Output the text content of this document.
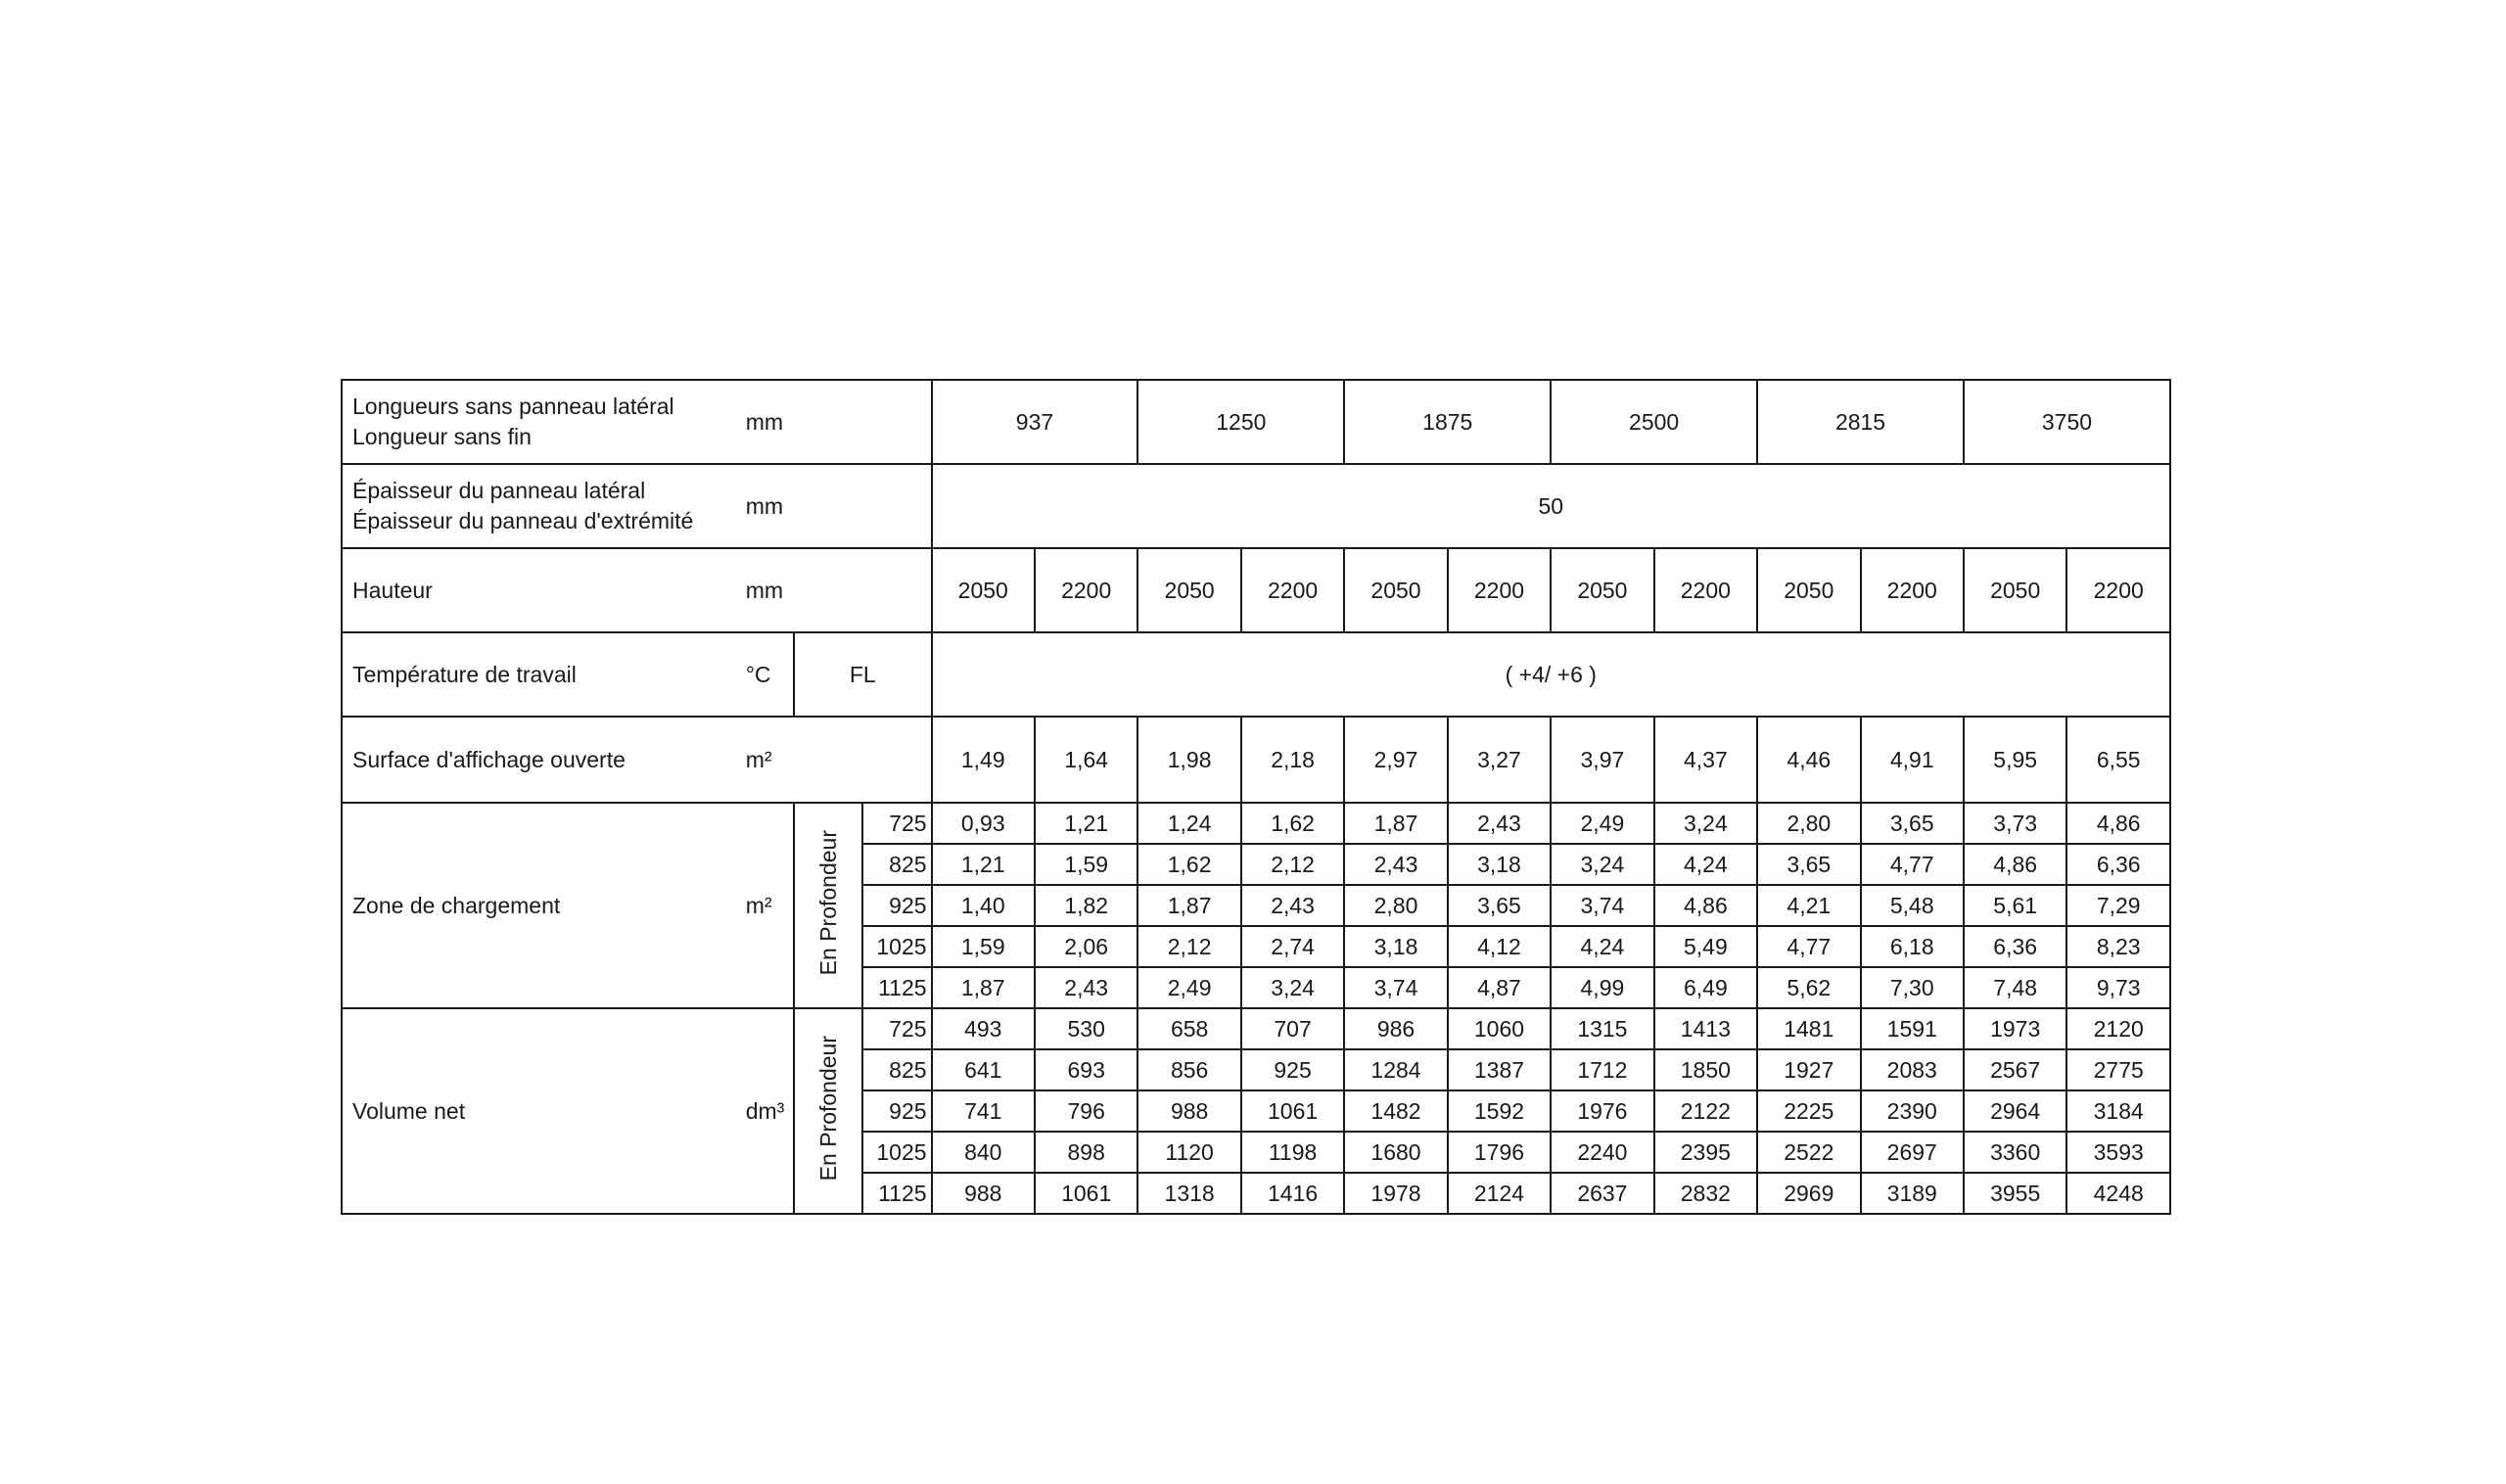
Longueurs sans panneau latéral
Longueur sans fin	mm			937		1250		1875		2500		2815		3750	

Épaisseur du panneau latéral
Épaisseur du panneau d'extrémité	mm			50											
Hauteur	mm			2050	2200	2050	2200	2050	2200	2050	2200	2050	2200	2050	2200
Température de travail	°C	FL		( +4/ +6 )											
Surface d'affichage ouverte	m²			1,49	1,64	1,98	2,18	2,97	3,27	3,97	4,37	4,46	4,91	5,95	6,55
Zone de chargement	m²	En Profondeur	725	0,93	1,21	1,24	1,62	1,87	2,43	2,49	3,24	2,80	3,65	3,73	4,86
			825	1,21	1,59	1,62	2,12	2,43	3,18	3,24	4,24	3,65	4,77	4,86	6,36
			925	1,40	1,82	1,87	2,43	2,80	3,65	3,74	4,86	4,21	5,48	5,61	7,29
			1025	1,59	2,06	2,12	2,74	3,18	4,12	4,24	5,49	4,77	6,18	6,36	8,23
			1125	1,87	2,43	2,49	3,24	3,74	4,87	4,99	6,49	5,62	7,30	7,48	9,73
Volume net	dm³	En Profondeur	725	493	530	658	707	986	1060	1315	1413	1481	1591	1973	2120
			825	641	693	856	925	1284	1387	1712	1850	1927	2083	2567	2775
			925	741	796	988	1061	1482	1592	1976	2122	2225	2390	2964	3184
			1025	840	898	1120	1198	1680	1796	2240	2395	2522	2697	3360	3593
			1125	988	1061	1318	1416	1978	2124	2637	2832	2969	3189	3955	4248
